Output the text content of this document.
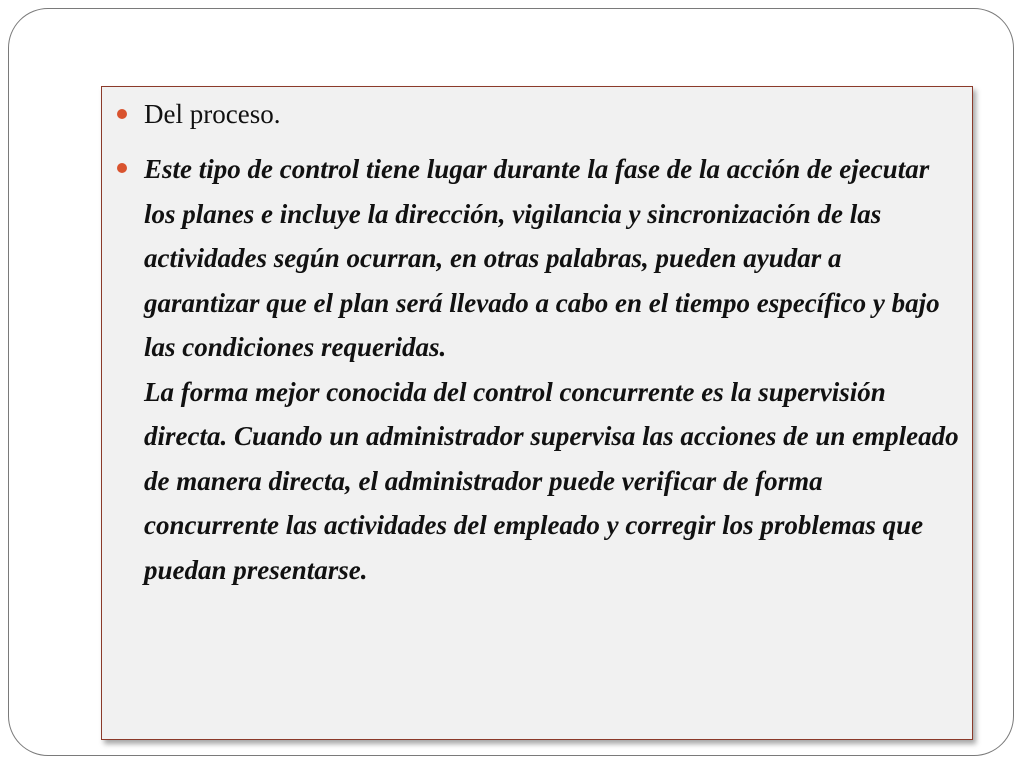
Del proceso.
Este tipo de control tiene lugar durante la fase de la acción de ejecutar los planes e incluye la dirección, vigilancia y sincronización de las actividades según ocurran, en otras palabras, pueden ayudar a garantizar que el plan será llevado a cabo en el tiempo específico y bajo las condiciones requeridas.
La forma mejor conocida del control concurrente es la supervisión directa. Cuando un administrador supervisa las acciones de un empleado de manera directa, el administrador puede verificar de forma concurrente las actividades del empleado y corregir los problemas que puedan presentarse.
